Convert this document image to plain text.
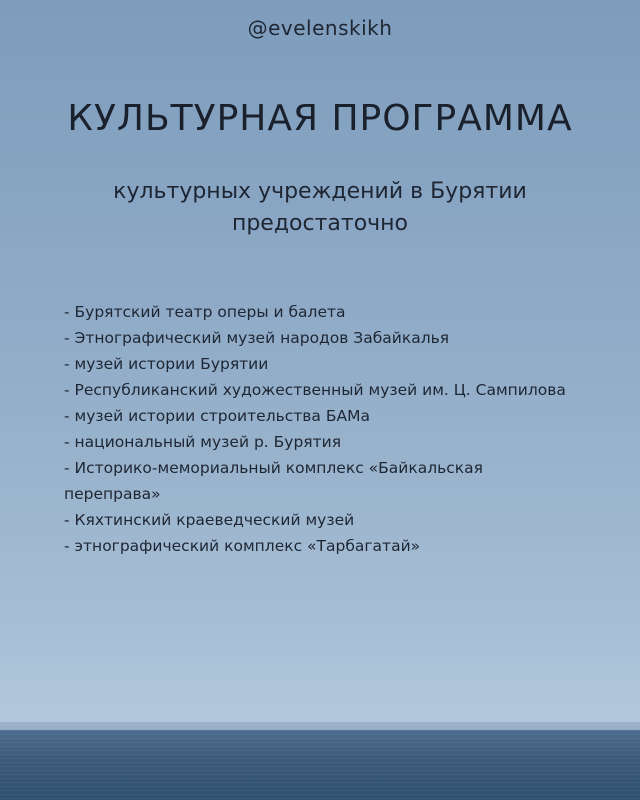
@evelenskikh
КУЛЬТУРНАЯ ПРОГРАММА
культурных учреждений в Бурятии
предостаточно
- Бурятский театр оперы и балета
- Этнографический музей народов Забайкалья
- музей истории Бурятии
- Республиканский художественный музей им. Ц. Сампилова
- музей истории строительства БАМа
- национальный музей р. Бурятия
- Историко-мемориальный комплекс «Байкальская переправа»
- Кяхтинский краеведческий музей
- этнографический комплекс «Тарбагатай»
